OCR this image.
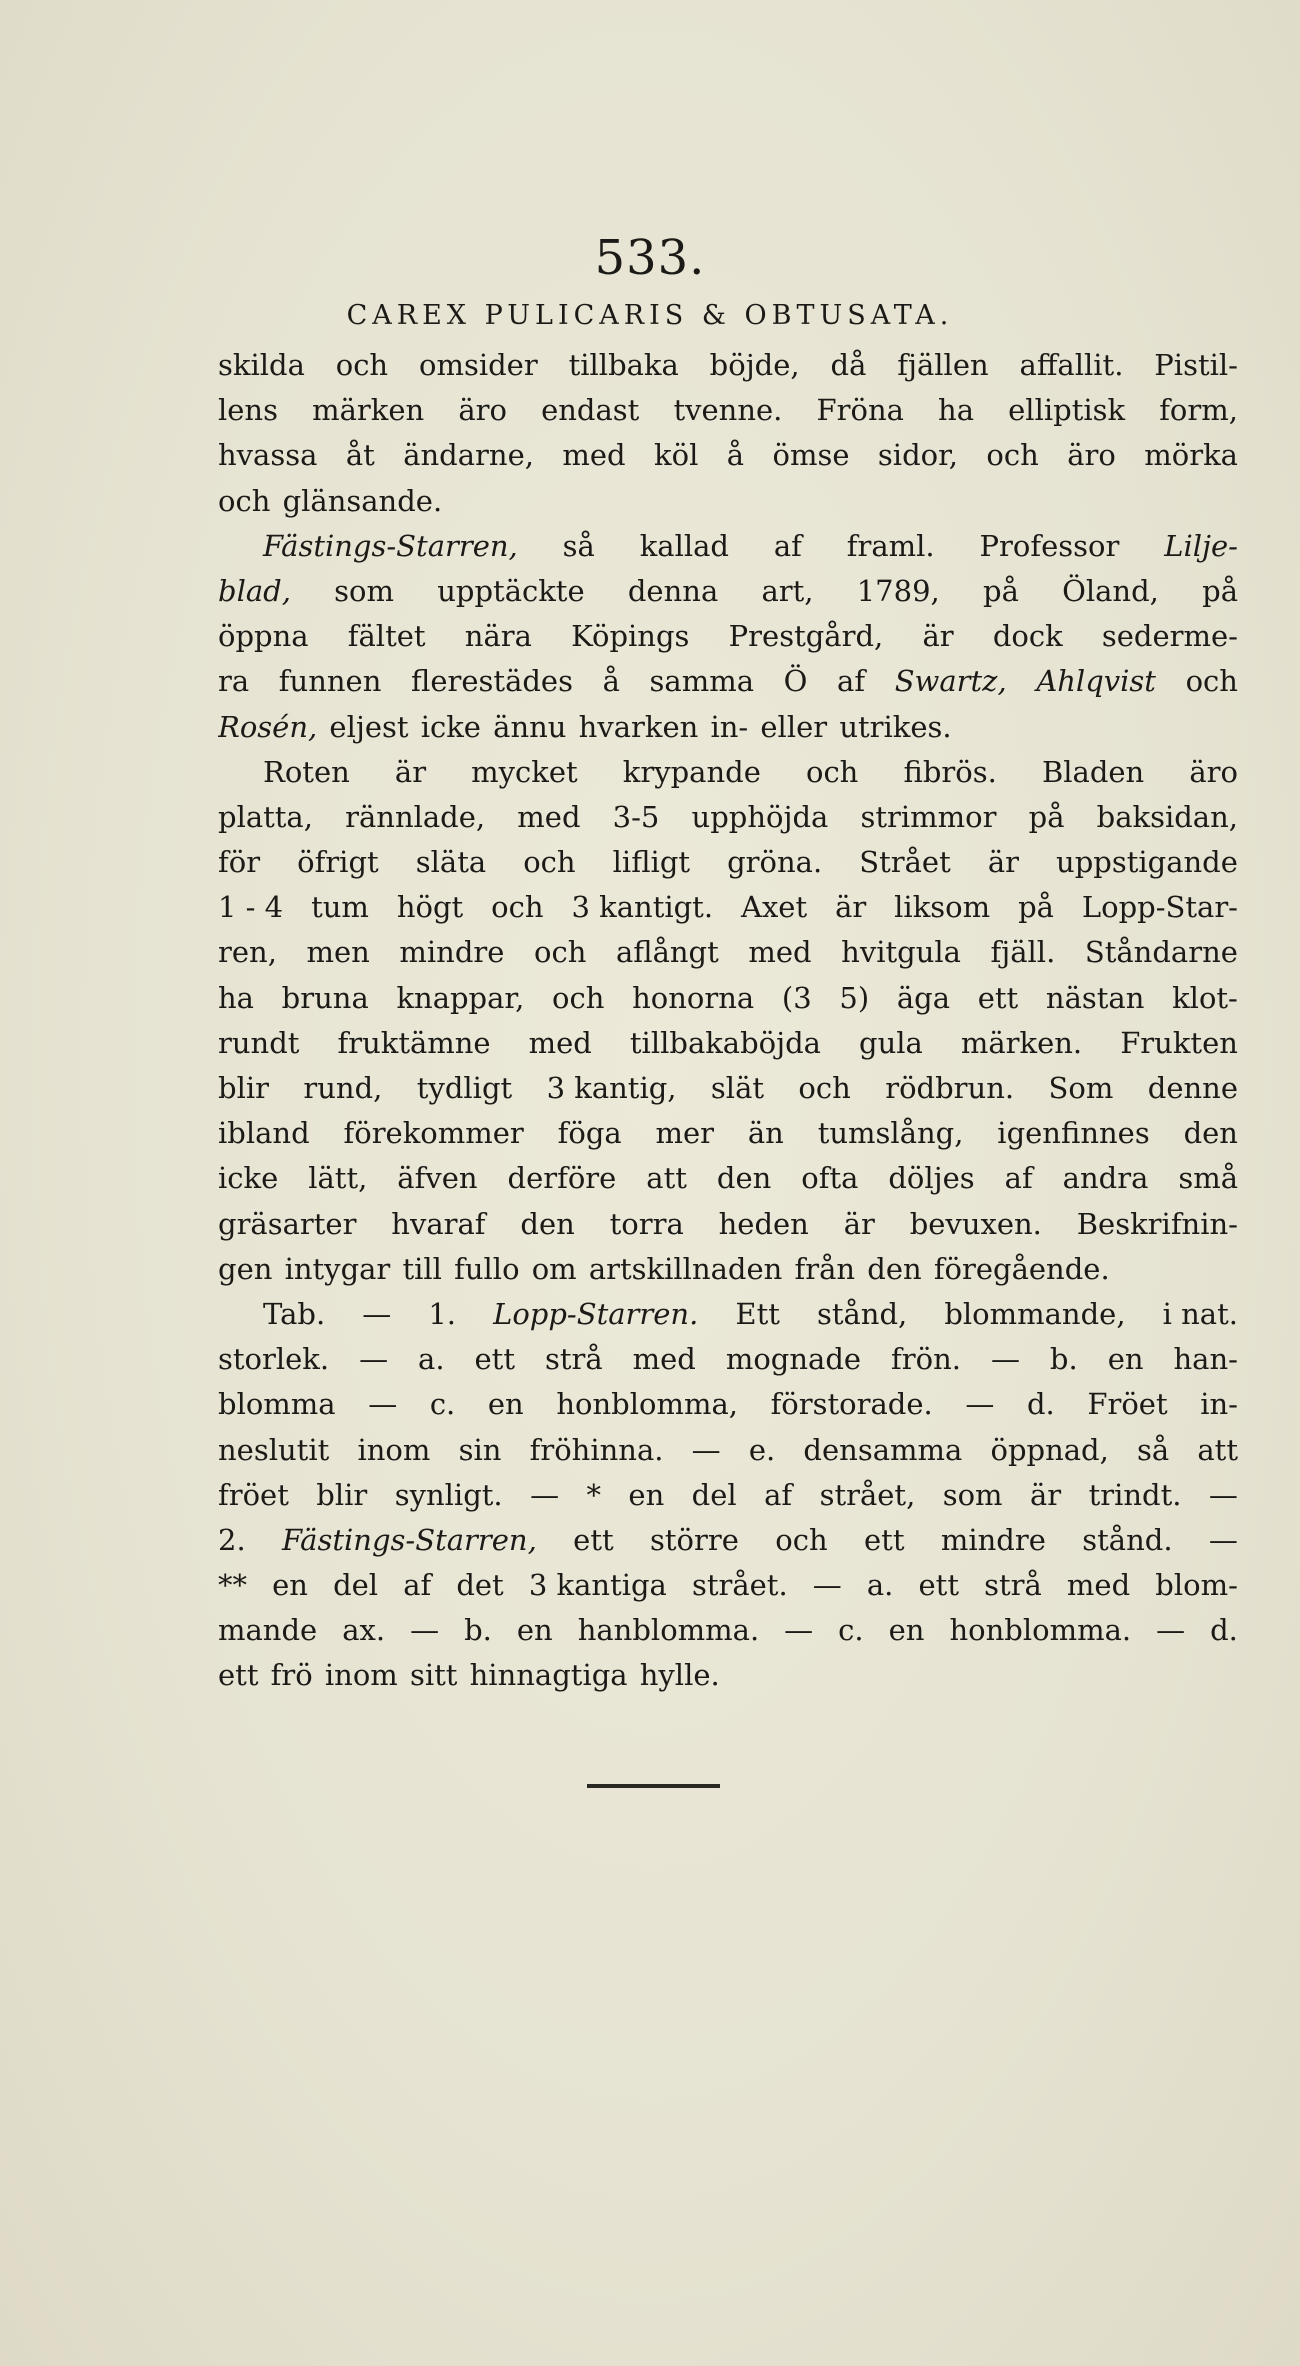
533.
CAREX PULICARIS & OBTUSATA.
skilda och omsider tillbaka böjde, då fjällen affallit. Pistil-
lens märken äro endast tvenne. Fröna ha elliptisk form,
hvassa åt ändarne, med köl å ömse sidor, och äro mörka
och glänsande.
Fästings-Starren, så kallad af framl. Professor Lilje-
blad, som upptäckte denna art, 1789, på Öland, på
öppna fältet nära Köpings Prestgård, är dock sederme-
ra funnen flerestädes å samma Ö af Swartz, Ahlqvist och
Rosén, eljest icke ännu hvarken in- eller utrikes.
Roten är mycket krypande och fibrös. Bladen äro
platta, rännlade, med 3-5 upphöjda strimmor på baksidan,
för öfrigt släta och lifligt gröna. Strået är uppstigande
1 - 4 tum högt och 3 kantigt. Axet är liksom på Lopp-Star-
ren, men mindre och aflångt med hvitgula fjäll. Ståndarne
ha bruna knappar, och honorna (3 5) äga ett nästan klot-
rundt fruktämne med tillbakaböjda gula märken. Frukten
blir rund, tydligt 3 kantig, slät och rödbrun. Som denne
ibland förekommer föga mer än tumslång, igenfinnes den
icke lätt, äfven derföre att den ofta döljes af andra små
gräsarter hvaraf den torra heden är bevuxen. Beskrifnin-
gen intygar till fullo om artskillnaden från den föregående.
Tab. — 1. Lopp-Starren. Ett stånd, blommande, i nat.
storlek. — a. ett strå med mognade frön. — b. en han-
blomma — c. en honblomma, förstorade. — d. Fröet in-
neslutit inom sin fröhinna. — e. densamma öppnad, så att
fröet blir synligt. — * en del af strået, som är trindt. —
2. Fästings-Starren, ett större och ett mindre stånd. —
** en del af det 3 kantiga strået. — a. ett strå med blom-
mande ax. — b. en hanblomma. — c. en honblomma. — d.
ett frö inom sitt hinnagtiga hylle.
